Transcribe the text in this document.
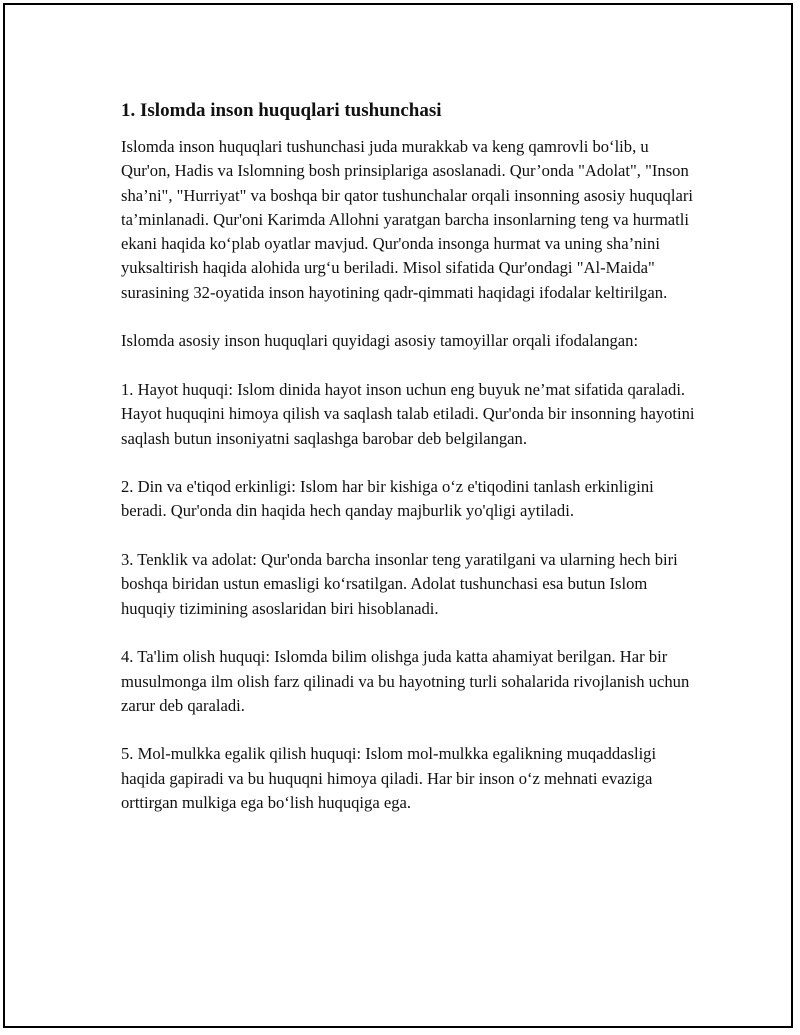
1. Islomda inson huquqlari tushunchasi

Islomda inson huquqlari tushunchasi juda murakkab va keng qamrovli bo‘lib, u Qur'on, Hadis va Islomning bosh prinsiplariga asoslanadi. Qur’onda "Adolat", "Inson sha’ni", "Hurriyat" va boshqa bir qator tushunchalar orqali insonning asosiy huquqlari ta’minlanadi. Qur'oni Karimda Allohni yaratgan barcha insonlarning teng va hurmatli ekani haqida ko‘plab oyatlar mavjud. Qur'onda insonga hurmat va uning sha’nini yuksaltirish haqida alohida urg‘u beriladi. Misol sifatida Qur'ondagi "Al-Maida" surasining 32-oyatida inson hayotining qadr-qimmati haqidagi ifodalar keltirilgan.

Islomda asosiy inson huquqlari quyidagi asosiy tamoyillar orqali ifodalangan:

1. Hayot huquqi: Islom dinida hayot inson uchun eng buyuk ne’mat sifatida qaraladi. Hayot huquqini himoya qilish va saqlash talab etiladi. Qur'onda bir insonning hayotini saqlash butun insoniyatni saqlashga barobar deb belgilangan.

2. Din va e'tiqod erkinligi: Islom har bir kishiga o‘z e'tiqodini tanlash erkinligini beradi. Qur'onda din haqida hech qanday majburlik yo'qligi aytiladi.

3. Tenklik va adolat: Qur'onda barcha insonlar teng yaratilgani va ularning hech biri boshqa biridan ustun emasligi ko‘rsatilgan. Adolat tushunchasi esa butun Islom huquqiy tizimining asoslaridan biri hisoblanadi.

4. Ta'lim olish huquqi: Islomda bilim olishga juda katta ahamiyat berilgan. Har bir musulmonga ilm olish farz qilinadi va bu hayotning turli sohalarida rivojlanish uchun zarur deb qaraladi.

5. Mol-mulkka egalik qilish huquqi: Islom mol-mulkka egalikning muqaddasligi haqida gapiradi va bu huquqni himoya qiladi. Har bir inson o‘z mehnati evaziga orttirgan mulkiga ega bo‘lish huquqiga ega.
